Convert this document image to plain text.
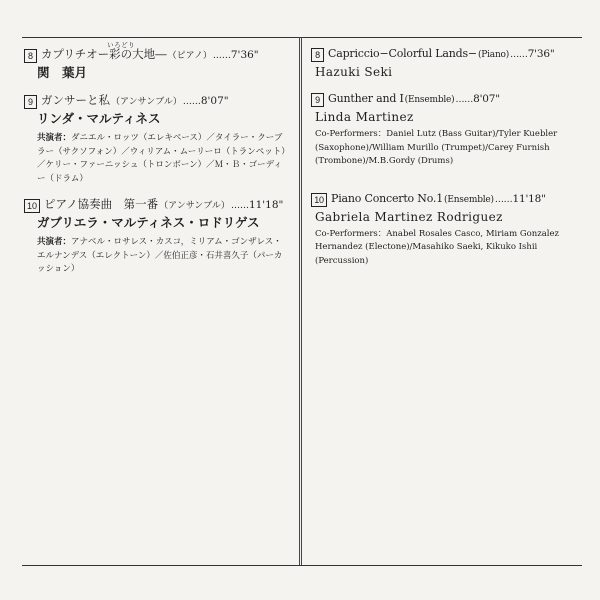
8 カプリチオー
いろどり
彩 の大地― （ピアノ） …… 7'36"
関　葉月
9 ガンサーと私 （アンサンブル） …… 8'07"
リンダ・マルティネス
共演者：ダニエル・ロッツ（エレキベース）／タイラー・クーブラー（サクソフォン）／ウィリアム・ムーリーロ（トランペット）／ケリー・ファーニッシュ（トロンボーン）／Ｍ・Ｂ・ゴーディー（ドラム）
10 ピアノ協奏曲　第一番 （アンサンブル） …… 11'18"
ガブリエラ・マルティネス・ロドリゲス
共演者：アナベル・ロサレス・カスコ，ミリアム・ゴンザレス・エルナンデス（エレクトーン）／佐伯正彦・石井喜久子（パーカッション）
8 Capriccio−Colorful Lands− (Piano) …… 7'36"
Hazuki Seki
9 Gunther and I (Ensemble) …… 8'07"
Linda Martinez
Co-Performers：Daniel Lutz (Bass Guitar)/Tyler Kuebler (Saxophone)/William Murillo (Trumpet)/Carey Furnish (Trombone)/M.B.Gordy (Drums)
10 Piano Concerto No.1 (Ensemble) …… 11'18"
Gabriela Martinez Rodriguez
Co-Performers：Anabel Rosales Casco, Miriam Gonzalez Hernandez (Electone)/Masahiko Saeki, Kikuko Ishii (Percussion)
